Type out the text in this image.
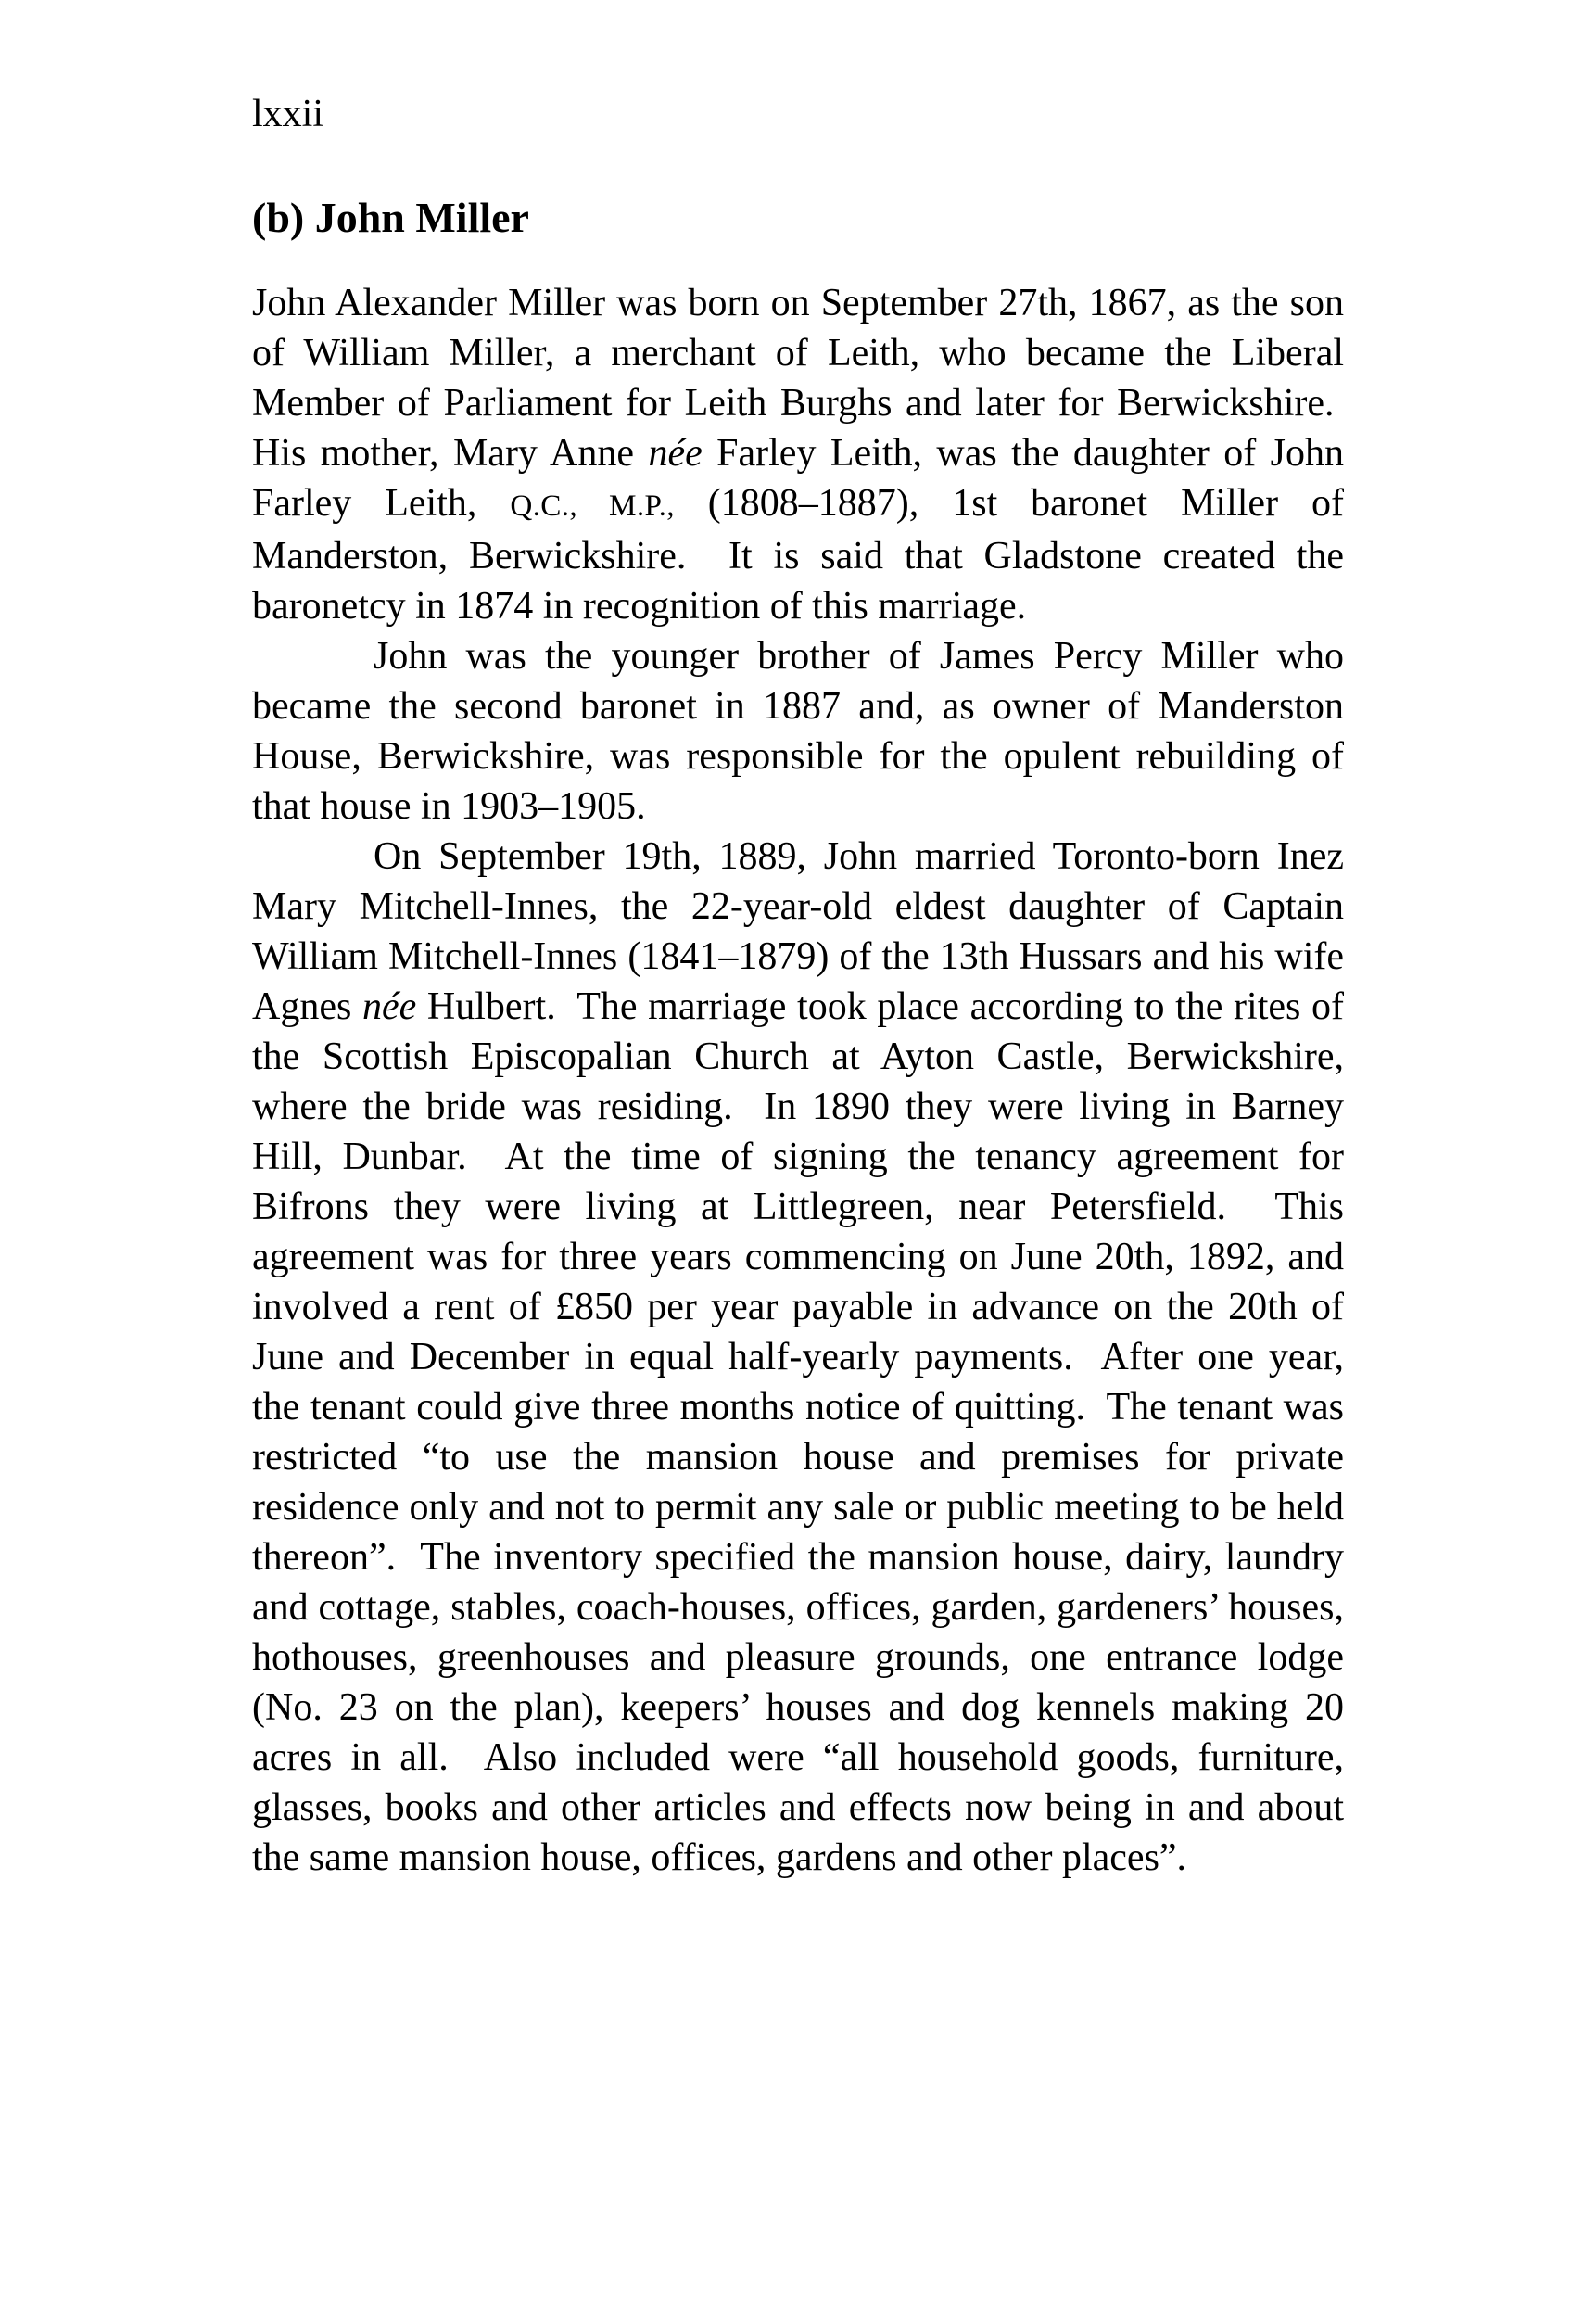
lxxii
(b) John Miller

John Alexander Miller was born on September 27th, 1867, as the son of William Miller, a merchant of Leith, who became the Liberal Member of Parliament for Leith Burghs and later for Berwickshire.  His mother, Mary Anne née Farley Leith, was the daughter of John Farley Leith, Q.C., M.P., (1808–1887), 1st baronet Miller of Manderston, Berwickshire.  It is said that Gladstone created the baronetcy in 1874 in recognition of this marriage.

John was the younger brother of James Percy Miller who became the second baronet in 1887 and, as owner of Manderston House, Berwickshire, was responsible for the opulent rebuilding of that house in 1903–1905.

On September 19th, 1889, John married Toronto-born Inez Mary Mitchell-Innes, the 22-year-old eldest daughter of Captain William Mitchell-Innes (1841–1879) of the 13th Hussars and his wife Agnes née Hulbert.  The marriage took place according to the rites of the Scottish Episcopalian Church at Ayton Castle, Berwickshire, where the bride was residing.  In 1890 they were living in Barney Hill, Dunbar.  At the time of signing the tenancy agreement for Bifrons they were living at Littlegreen, near Petersfield.  This agreement was for three years commencing on June 20th, 1892, and involved a rent of £850 per year payable in advance on the 20th of June and December in equal half-yearly payments.  After one year, the tenant could give three months notice of quitting.  The tenant was restricted “to use the mansion house and premises for private residence only and not to permit any sale or public meeting to be held thereon”.  The inventory specified the mansion house, dairy, laundry and cottage, stables, coach-houses, offices, garden, gardeners’ houses, hothouses, greenhouses and pleasure grounds, one entrance lodge (No. 23 on the plan), keepers’ houses and dog kennels making 20 acres in all.  Also included were “all household goods, furniture, glasses, books and other articles and effects now being in and about the same mansion house, offices, gardens and other places”.
